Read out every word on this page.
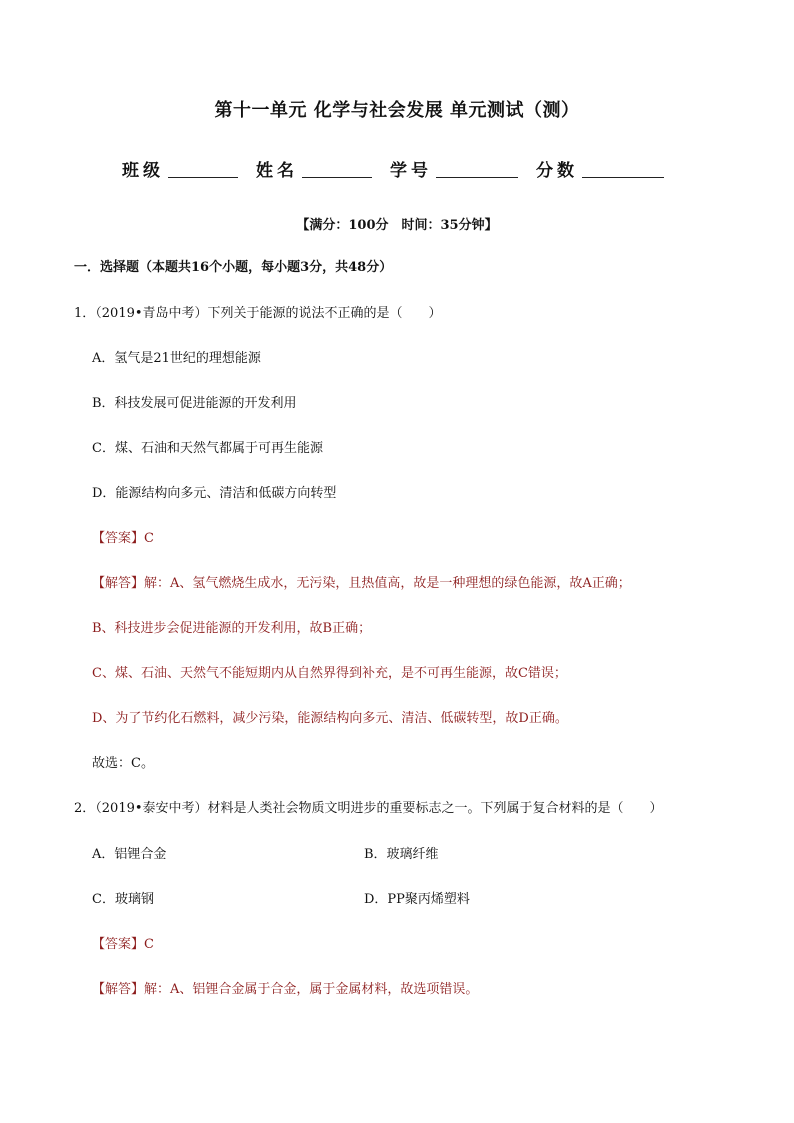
第十一单元 化学与社会发展 单元测试（测）
班级	姓名	学号	分数
【满分：100分　时间：35分钟】
一．选择题（本题共16个小题，每小题3分，共48分）
1．（2019•青岛中考）下列关于能源的说法不正确的是（　　）
A．氢气是21世纪的理想能源
B．科技发展可促进能源的开发利用
C．煤、石油和天然气都属于可再生能源
D．能源结构向多元、清洁和低碳方向转型
【答案】C
【解答】解：A、氢气燃烧生成水，无污染，且热值高，故是一种理想的绿色能源，故A正确；
B、科技进步会促进能源的开发利用，故B正确；
C、煤、石油、天然气不能短期内从自然界得到补充，是不可再生能源，故C错误；
D、为了节约化石燃料，减少污染，能源结构向多元、清洁、低碳转型，故D正确。
故选：C。
2．（2019•泰安中考）材料是人类社会物质文明进步的重要标志之一。下列属于复合材料的是（　　）
A．铝锂合金	B．玻璃纤维
C．玻璃钢	D．PP聚丙烯塑料
【答案】C
【解答】解：A、铝锂合金属于合金，属于金属材料，故选项错误。
